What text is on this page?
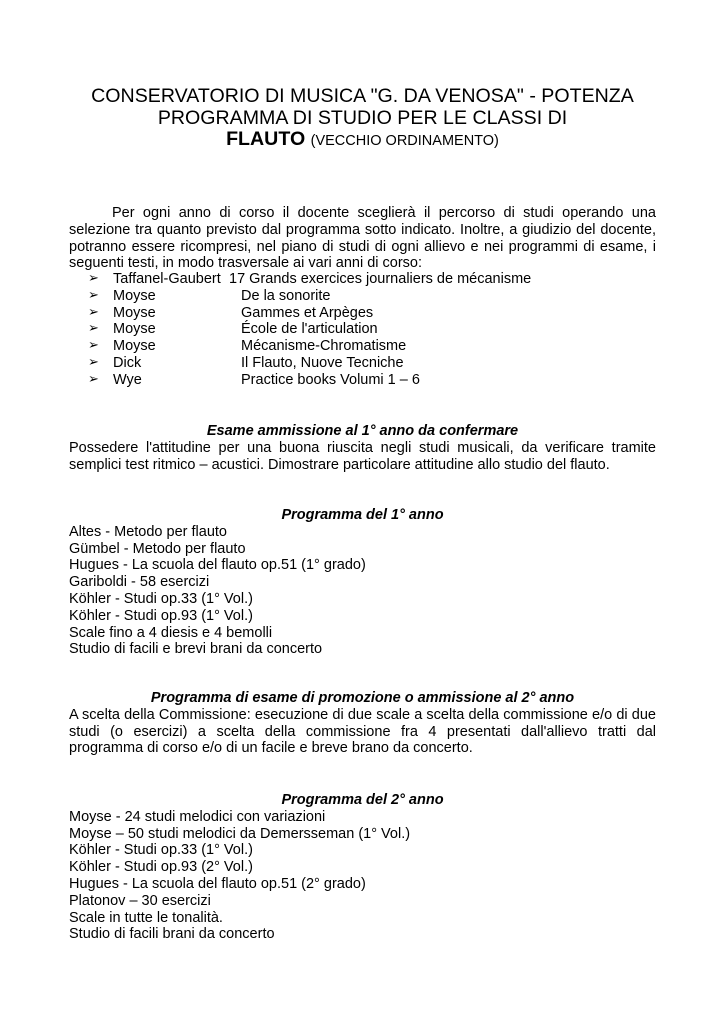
CONSERVATORIO DI MUSICA "G. DA VENOSA" - POTENZA
PROGRAMMA DI STUDIO PER LE CLASSI DI
FLAUTO (VECCHIO ORDINAMENTO)

Per ogni anno di corso il docente sceglierà il percorso di studi operando una selezione tra quanto previsto dal programma sotto indicato. Inoltre, a giudizio del docente, potranno essere ricompresi, nel piano di studi di ogni allievo e nei programmi di esame, i seguenti testi, in modo trasversale ai vari anni di corso:

➢ Taffanel-Gaubert 17 Grands exercices journaliers de mécanisme
➢ Moyse	De la sonorite
➢ Moyse	Gammes et Arpèges
➢ Moyse	École de l'articulation
➢ Moyse	Mécanisme-Chromatisme
➢ Dick	Il Flauto, Nuove Tecniche
➢ Wye	Practice books Volumi 1 – 6
Esame ammissione al 1° anno da confermare

Possedere l'attitudine per una buona riuscita negli studi musicali, da verificare tramite semplici test ritmico – acustici. Dimostrare particolare attitudine allo studio del flauto.

Programma del 1° anno
Altes - Metodo per flauto
Gümbel - Metodo per flauto
Hugues - La scuola del flauto op.51 (1° grado)
Gariboldi - 58 esercizi
Köhler - Studi op.33 (1° Vol.)
Köhler - Studi op.93 (1° Vol.)
Scale fino a 4 diesis e 4 bemolli
Studio di facili e brevi brani da concerto
Programma di esame di promozione o ammissione al 2° anno

A scelta della Commissione: esecuzione di due scale a scelta della commissione e/o di due studi (o esercizi) a scelta della commissione fra 4 presentati dall'allievo tratti dal programma di corso e/o di un facile e breve brano da concerto.

Programma del 2° anno
Moyse - 24 studi melodici con variazioni
Moyse – 50 studi melodici da Demersseman (1° Vol.)
Köhler - Studi op.33 (1° Vol.)
Köhler - Studi op.93 (2° Vol.)
Hugues - La scuola del flauto op.51 (2° grado)
Platonov – 30 esercizi
Scale in tutte le tonalità.
Studio di facili brani da concerto
